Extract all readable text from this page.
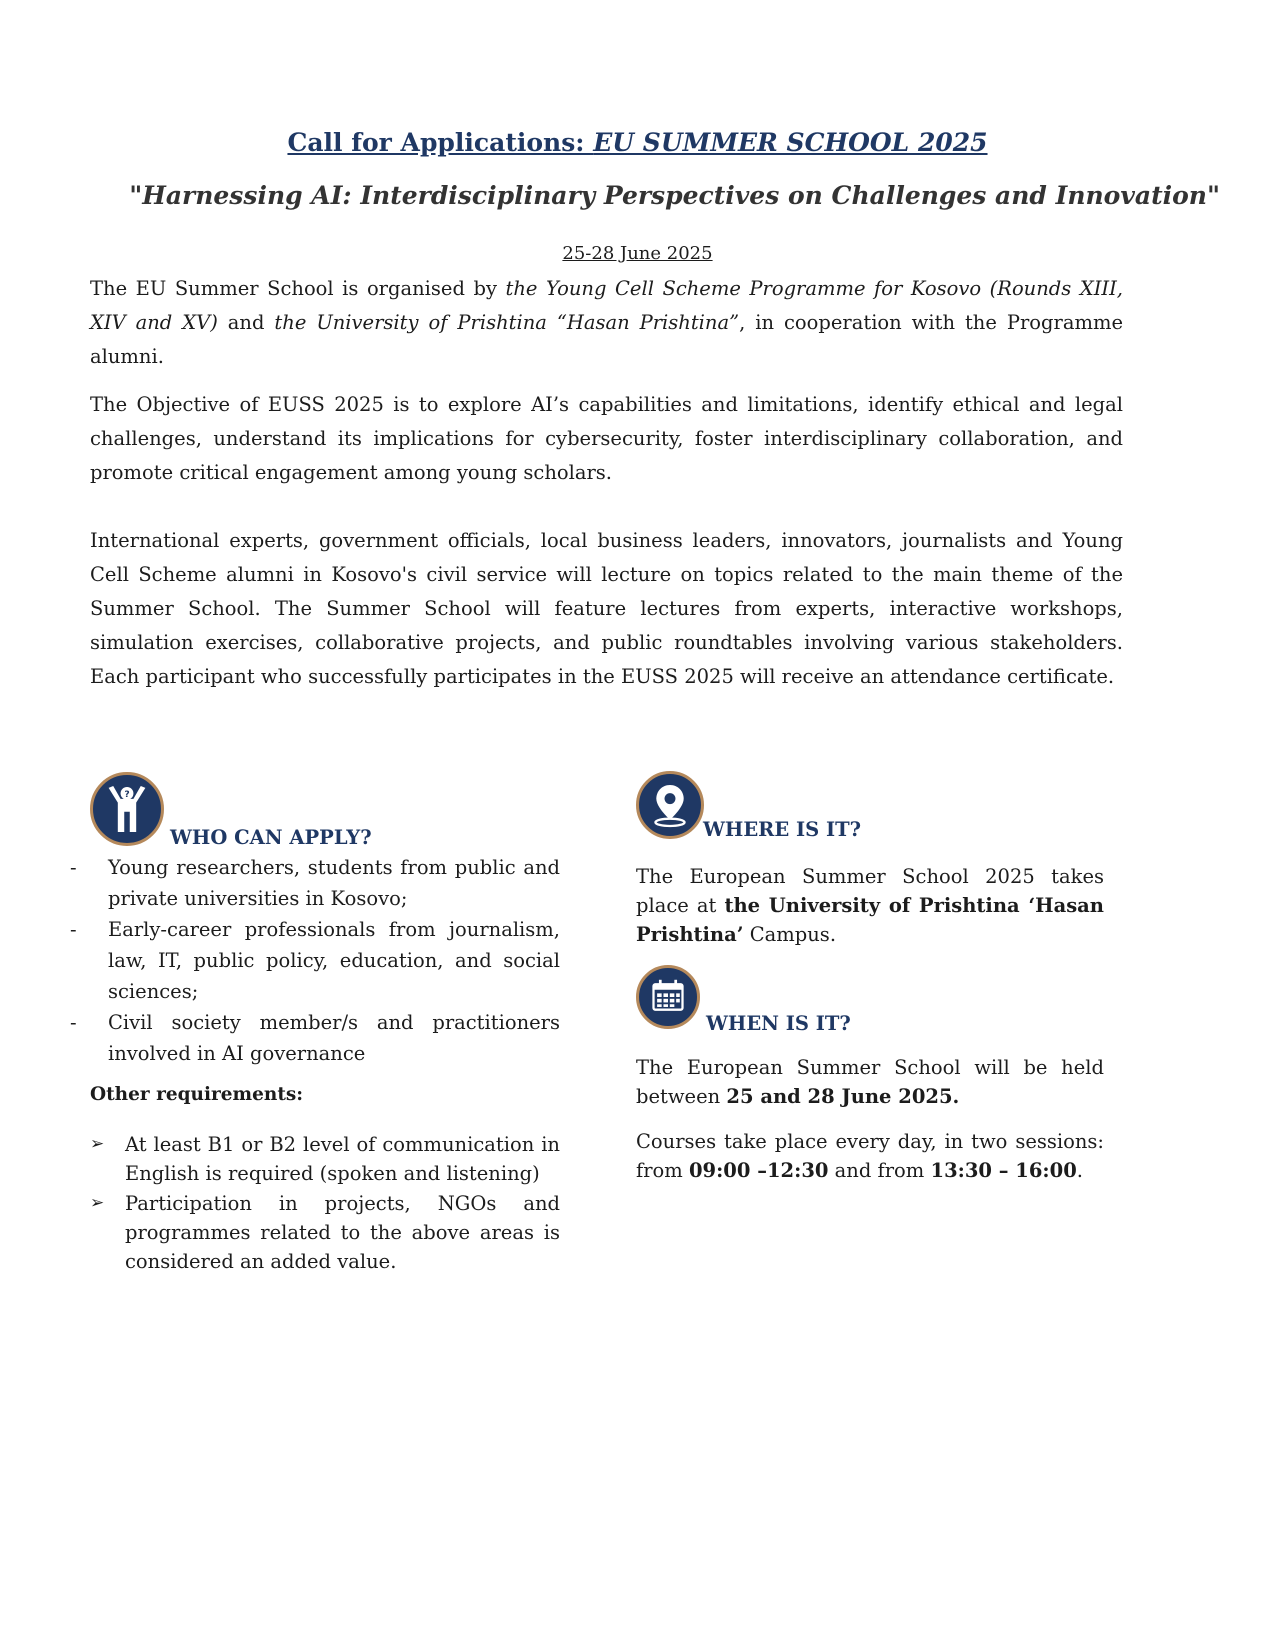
Call for Applications: EU SUMMER SCHOOL 2025
"Harnessing AI: Interdisciplinary Perspectives on Challenges and Innovation"
25-28 June 2025

The EU Summer School is organised by the Young Cell Scheme Programme for Kosovo (Rounds XIII, XIV and XV) and the University of Prishtina “Hasan Prishtina”, in cooperation with the Programme alumni.

The Objective of EUSS 2025 is to explore AI’s capabilities and limitations, identify ethical and legal challenges, understand its implications for cybersecurity, foster interdisciplinary collaboration, and promote critical engagement among young scholars.

International experts, government officials, local business leaders, innovators, journalists and Young Cell Scheme alumni in Kosovo's civil service will lecture on topics related to the main theme of the Summer School. The Summer School will feature lectures from experts, interactive workshops, simulation exercises, collaborative projects, and public roundtables involving various stakeholders. Each participant who successfully participates in the EUSS 2025 will receive an attendance certificate.

?
WHO CAN APPLY?
- Young researchers, students from public and private universities in Kosovo;
- Early-career professionals from journalism, law, IT, public policy, education, and social sciences;
- Civil society member/s and practitioners involved in AI governance
Other requirements:
➢ At least B1 or B2 level of communication in English is required (spoken and listening)
➢ Participation in projects, NGOs and programmes related to the above areas is considered an added value.
WHERE IS IT?

The European Summer School 2025 takes place at the University of Prishtina ‘Hasan Prishtina’ Campus.

WHEN IS IT?

The European Summer School will be held between 25 and 28 June 2025.

Courses take place every day, in two sessions: from 09:00 –12:30 and from 13:30 – 16:00.
